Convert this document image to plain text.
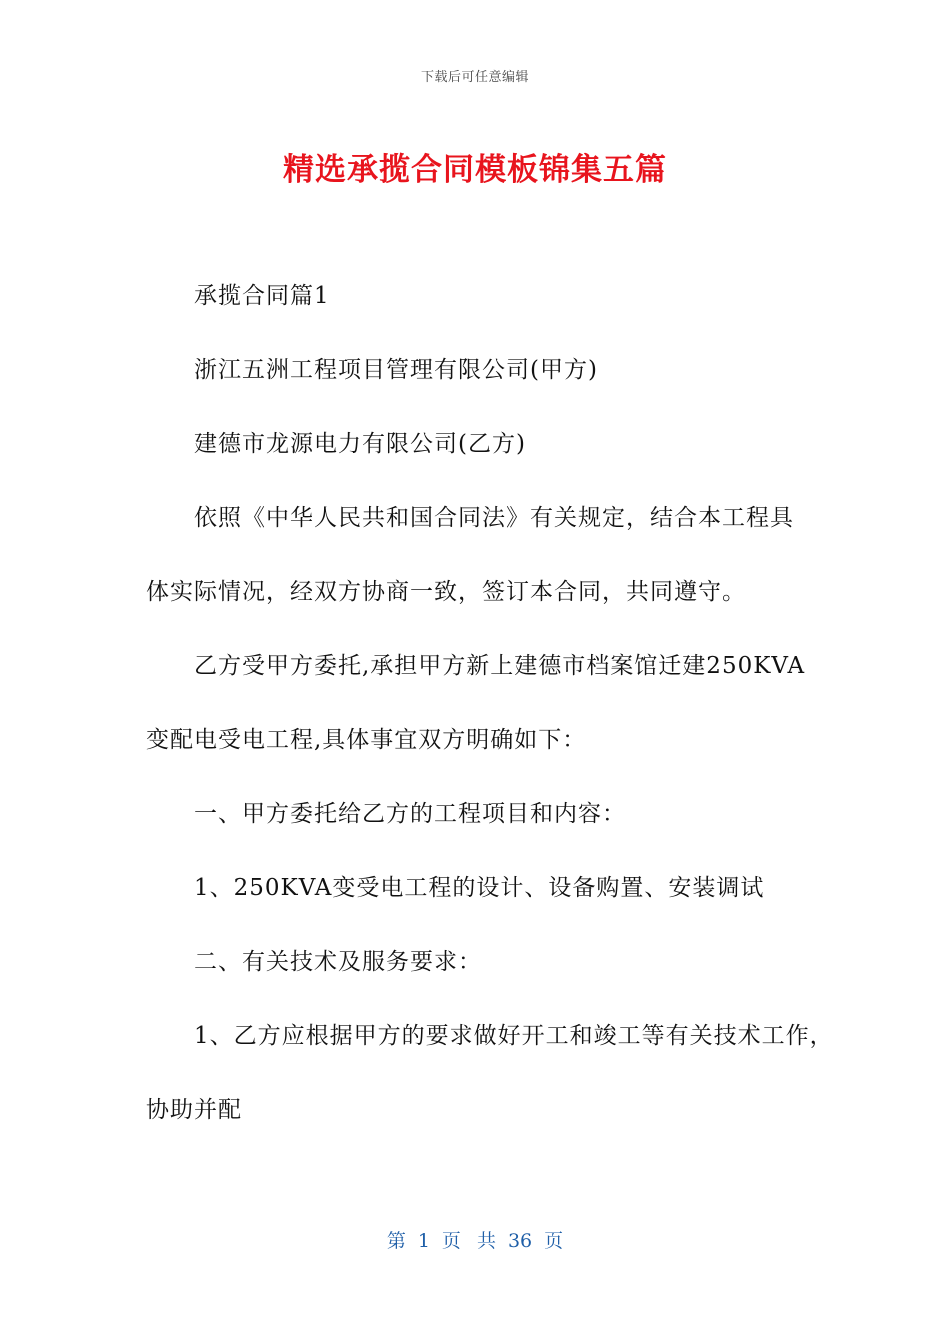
下载后可任意编辑
精选承揽合同模板锦集五篇

承揽合同篇1

浙江五洲工程项目管理有限公司(甲方)

建德市龙源电力有限公司(乙方)

依照《中华人民共和国合同法》有关规定，结合本工程具

体实际情况，经双方协商一致，签订本合同，共同遵守。

乙方受甲方委托,承担甲方新上建德市档案馆迁建250KVA

变配电受电工程,具体事宜双方明确如下：

一、甲方委托给乙方的工程项目和内容：

1、250KVA变受电工程的设计、设备购置、安装调试

二、有关技术及服务要求：

1、乙方应根据甲方的要求做好开工和竣工等有关技术工作，

协助并配

第 1 页 共 36 页
